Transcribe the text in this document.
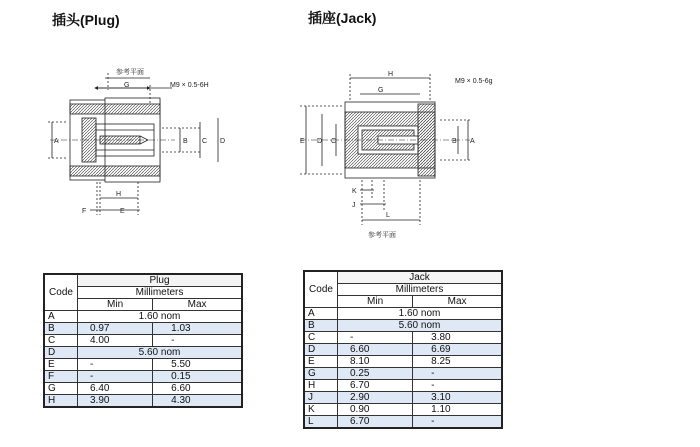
插头(Plug)	插座(Jack)
参考平面
M9 × 0.5-6H
G
A	B C D
H
F	E
M9 × 0.5-6g
H
G
E D C	B A
K
J
L
参考平面
Code	Plug	
	Millimeters	
	Min	Max
A	1.60 nom	
B	0.97	1.03
C	4.00	-
D	5.60 nom	
E	-	5.50
F	-	0.15
G	6.40	6.60
H	3.90	4.30
Code	Jack	
	Millimeters	
	Min	Max
A	1.60 nom	
B	5.60 nom	
C	-	3.80
D	6.60	6.69
E	8.10	8.25
G	0.25	-
H	6.70	-
J	2.90	3.10
K	0.90	1.10
L	6.70	-
